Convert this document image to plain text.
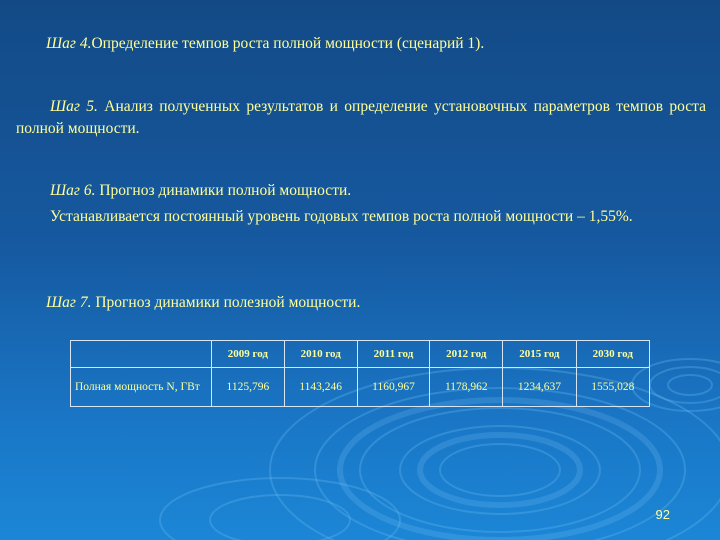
Шаг 4.Определение темпов роста полной мощности (сценарий 1).

Шаг 5. Анализ полученных результатов и определение установочных параметров темпов роста полной мощности.

Шаг 6. Прогноз динамики полной мощности.

Устанавливается постоянный уровень годовых темпов роста полной мощности – 1,55%.

Шаг 7. Прогноз динамики полезной мощности.

	2009 год	2010 год	2011 год	2012 год	2015 год	2030 год
Полная мощность N, ГВт	1125,796	1143,246	1160,967	1178,962	1234,637	1555,028
92
